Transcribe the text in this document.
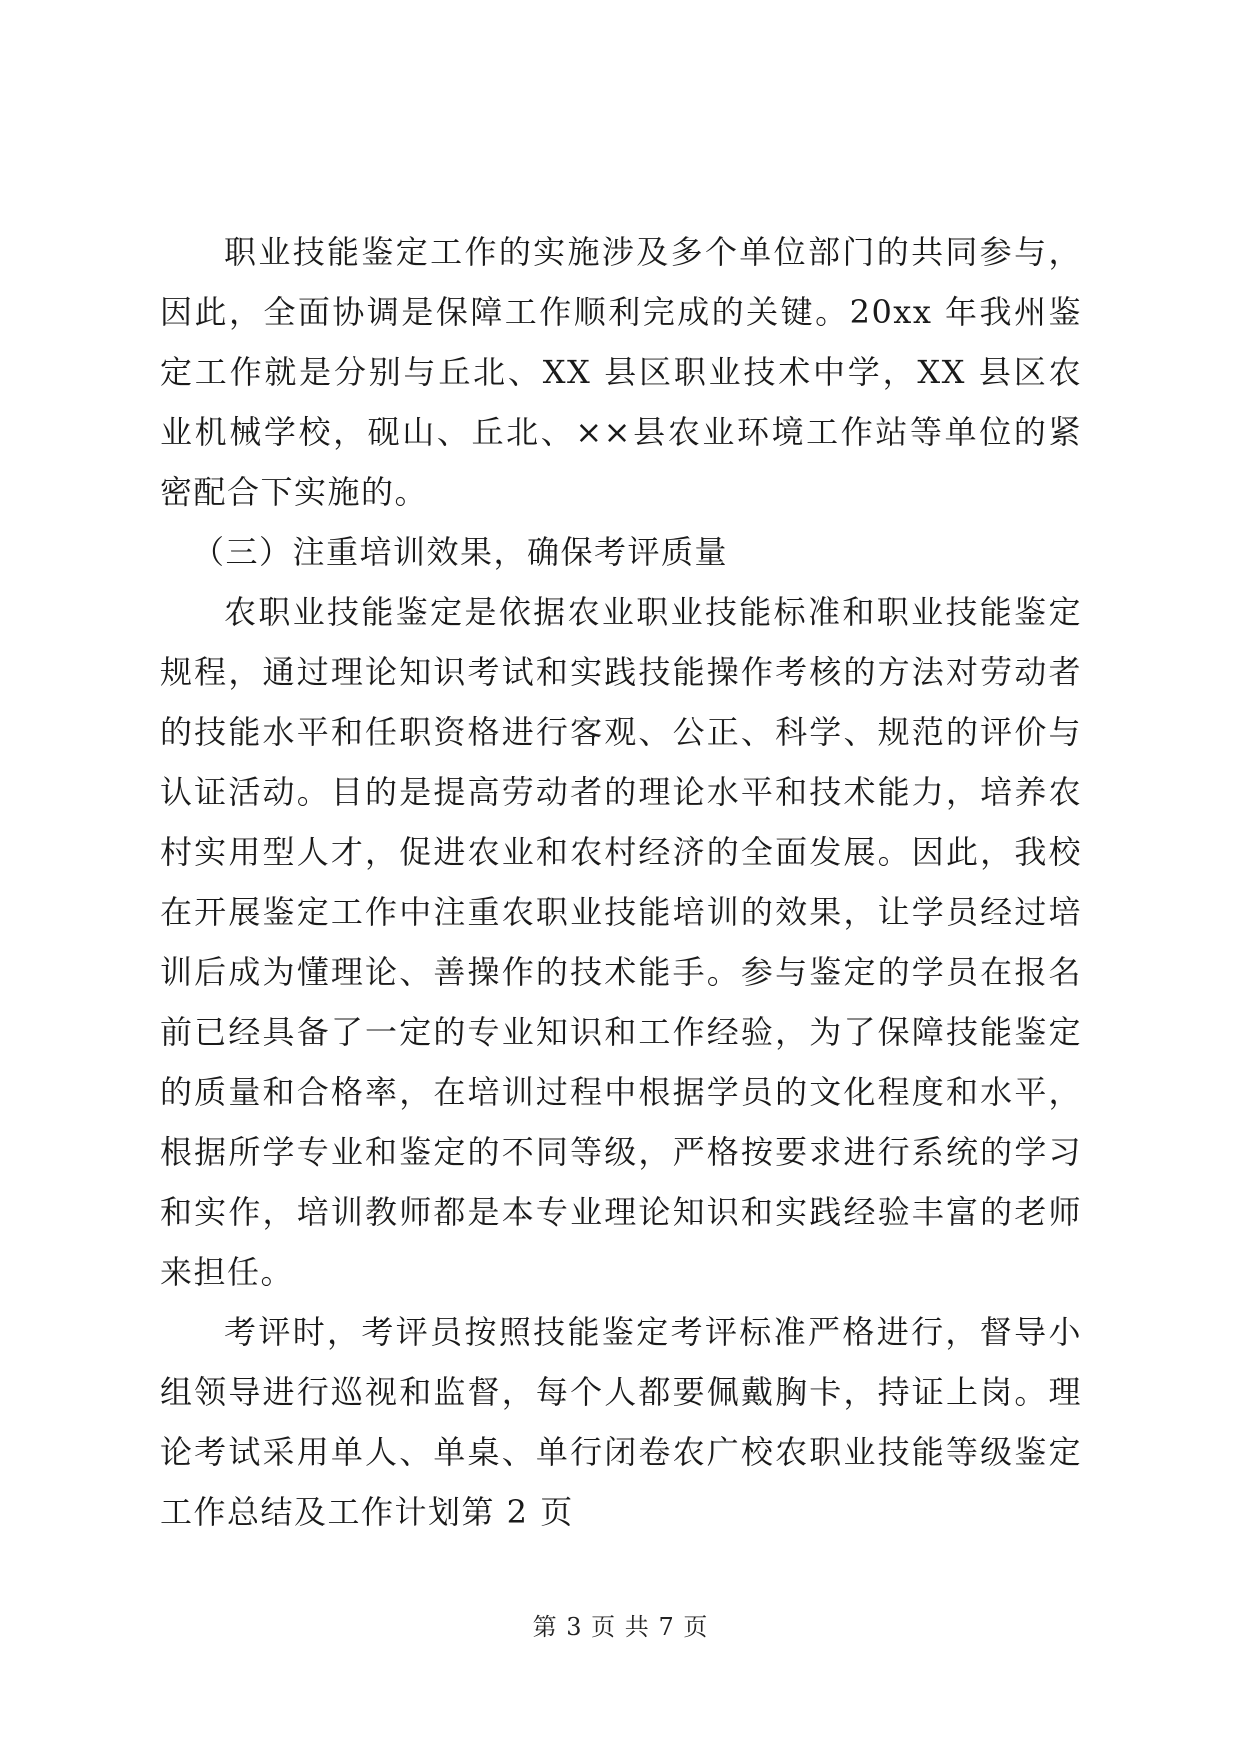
职业技能鉴定工作的实施涉及多个单位部门的共同参与，因此，全面协调是保障工作顺利完成的关键。20xx 年我州鉴定工作就是分别与丘北、XX 县区职业技术中学，XX 县区农业机械学校，砚山、丘北、××县农业环境工作站等单位的紧密配合下实施的。

（三）注重培训效果，确保考评质量

农职业技能鉴定是依据农业职业技能标准和职业技能鉴定规程，通过理论知识考试和实践技能操作考核的方法对劳动者的技能水平和任职资格进行客观、公正、科学、规范的评价与认证活动。目的是提高劳动者的理论水平和技术能力，培养农村实用型人才，促进农业和农村经济的全面发展。因此，我校在开展鉴定工作中注重农职业技能培训的效果，让学员经过培训后成为懂理论、善操作的技术能手。参与鉴定的学员在报名前已经具备了一定的专业知识和工作经验，为了保障技能鉴定的质量和合格率，在培训过程中根据学员的文化程度和水平，根据所学专业和鉴定的不同等级，严格按要求进行系统的学习和实作，培训教师都是本专业理论知识和实践经验丰富的老师来担任。

考评时，考评员按照技能鉴定考评标准严格进行，督导小组领导进行巡视和监督，每个人都要佩戴胸卡，持证上岗。理论考试采用单人、单桌、单行闭卷农广校农职业技能等级鉴定工作总结及工作计划第 2 页

第 3 页 共 7 页
